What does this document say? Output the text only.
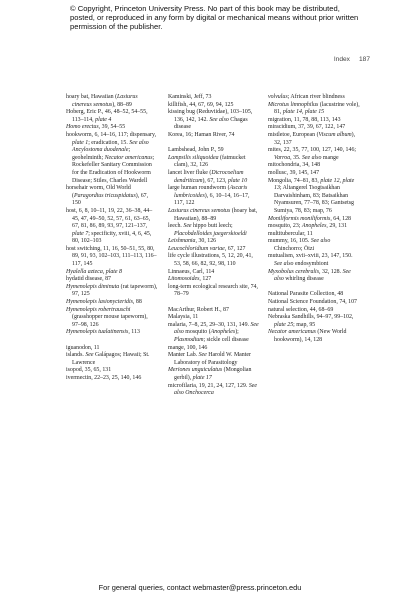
© Copyright, Princeton University Press. No part of this book may be distributed, posted, or reproduced in any form by digital or mechanical means without prior written permission of the publisher.
Index 187
hoary bat, Hawaiian (Lasiurus cinereus semotus), 88–89
Hoberg, Eric P., 46, 48–52, 54–55, 113–114, plate 4
Homo erectus, 39, 54–55
hookworm, 6, 14–16, 117; dispensary, plate 1; eradication, 15. See also Ancylostoma duodenale; geohelminth; Necator americanus; Rockefeller Sanitary Commission for the Eradication of Hookworm Disease; Stiles, Charles Wardell
horsehair worm, Old World (Paragordius tricuspidatus), 67, 150
host, 6, 8, 10–11, 19, 22, 36–38, 44–45, 47, 49–50, 52, 57, 61, 63–65, 67, 81, 86, 89, 93, 97, 121–137, plate 7; specificity, xviii, 4, 6, 45, 80, 102–103
host switching, 11, 16, 50–51, 55, 80, 89, 91, 93, 102–103, 111–113, 116–117, 145
Hyalella azteca, plate 8
hydatid disease, 87
Hymenolepis diminuta (rat tapeworm), 97, 125
Hymenolepis lasionycteridis, 88
Hymenolepis robertrauschi (grasshopper mouse tapeworm), 97–98, 126
Hymenolepis tualatinensis, 113
iguanodon, 11
islands. See Galápagos; Hawaii; St. Lawrence
isopod, 35, 65, 131
ivermectin, 22–23, 25, 140, 146
Kaminski, Jeff, 73
killifish, 44, 67, 69, 94, 125
kissing bug (Reduviidae), 103–105, 136, 142, 142. See also Chagas disease
Korea, 16; Haman River, 74
Lambshead, John P., 59
Lampsilis siliquoidea (fatmucket clam), 32, 126
lancet liver fluke (Dicrocoelium dendriticum), 67, 123, plate 10
large human roundworm (Ascaris lumbricoides), 6, 10–14, 16–17, 117, 122
Lasiurus cinereus semotus (hoary bat, Hawaiian), 88–89
leech. See hippo butt leech; Placobdelloides jaegerskioeldi
Leishmania, 30, 126
Leucochloridium variae, 67, 127
life cycle illustrations, 5, 12, 20, 41, 53, 58, 66, 82, 92, 98, 110
Linnaeus, Carl, 114
Litomosoides, 127
long-term ecological research site, 74, 78–79
MacArthur, Robert H., 87
Malaysia, 11
malaria, 7–8, 25, 29–30, 131, 149. See also mosquito (Anopheles); Plasmodium; sickle cell disease
mange, 100, 146
Manter Lab. See Harold W. Manter Laboratory of Parasitology
Meriones unguiculatus (Mongolian gerbil), plate 17
microfilaria, 19, 21, 24, 127, 129. See also Onchocerca
volvulus; African river blindness
Microtus limnophilus (lacustrine vole), 81, plate 14, plate 15
migration, 11, 78, 88, 113, 143
miracidium, 37, 39, 67, 122, 147
mistletoe, European (Viscum album), 32, 137
mites, 22, 35, 77, 100, 127, 140, 146; Varroa, 35. See also mange
mitochondria, 34, 148
mollusc, 39, 145, 147
Mongolia, 74–81, 83, plate 12, plate 13; Altangerel Tsogtsaikhan Darvaishinham, 83; Batsaikhan Nyamsuren, 77–78, 83; Gantsetsg Sumiya, 78, 83; map, 76
Moniliformis moniliformis, 64, 128
mosquito, 23; Anopheles, 29, 131
multitubercular, 11
mummy, 16, 105. See also Chinchorro; Ötzi
mutualism, xvii–xviii, 23, 147, 150. See also endosymbiont
Myxobolus cerebralis, 32, 128. See also whirling disease
National Parasite Collection, 48
National Science Foundation, 74, 107
natural selection, 44, 68–69
Nebraska Sandhills, 94–97, 99–102, plate 25; map, 95
Necator americanus (New World hookworm), 14, 128
For general queries, contact webmaster@press.princeton.edu
